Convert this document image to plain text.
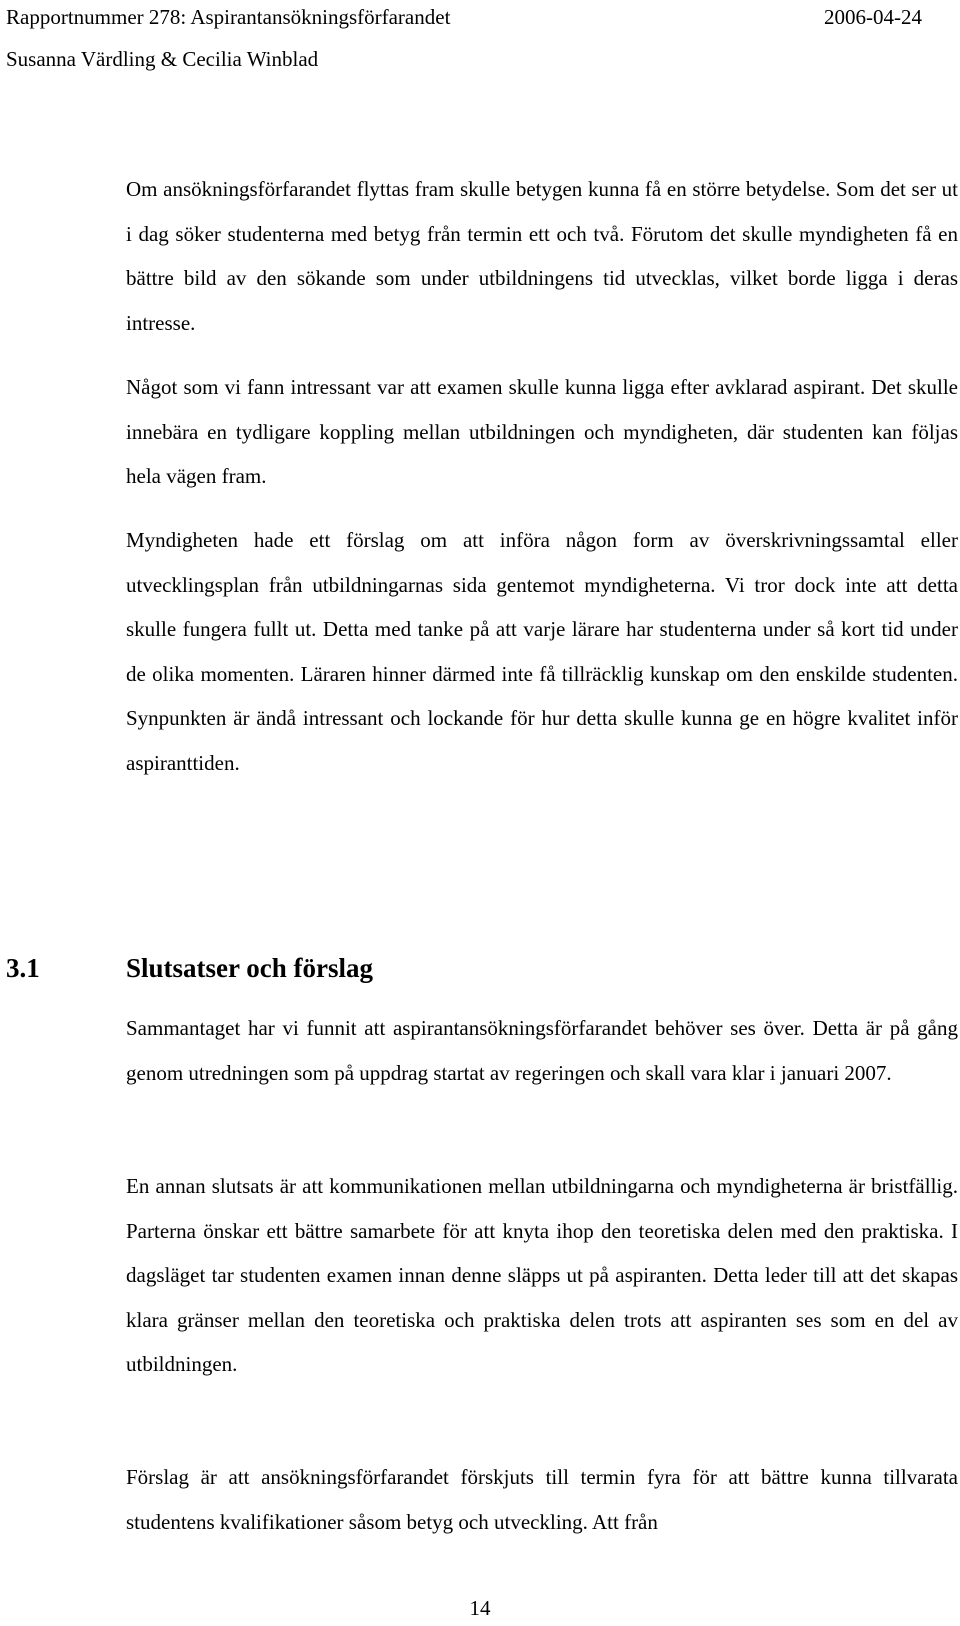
Rapportnummer 278: Aspirantansökningsförfarandet	2006-04-24
Susanna Värdling & Cecilia Winblad

Om ansökningsförfarandet flyttas fram skulle betygen kunna få en större betydelse. Som det ser ut i dag söker studenterna med betyg från termin ett och två. Förutom det skulle myndigheten få en bättre bild av den sökande som under utbildningens tid utvecklas, vilket borde ligga i deras intresse.

Något som vi fann intressant var att examen skulle kunna ligga efter avklarad aspirant. Det skulle innebära en tydligare koppling mellan utbildningen och myndigheten, där studenten kan följas hela vägen fram.

Myndigheten hade ett förslag om att införa någon form av överskrivningssamtal eller utvecklingsplan från utbildningarnas sida gentemot myndigheterna. Vi tror dock inte att detta skulle fungera fullt ut. Detta med tanke på att varje lärare har studenterna under så kort tid under de olika momenten. Läraren hinner därmed inte få tillräcklig kunskap om den enskilde studenten. Synpunkten är ändå intressant och lockande för hur detta skulle kunna ge en högre kvalitet inför aspiranttiden.

3.1	Slutsatser och förslag

Sammantaget har vi funnit att aspirantansökningsförfarandet behöver ses över. Detta är på gång genom utredningen som på uppdrag startat av regeringen och skall vara klar i januari 2007.

En annan slutsats är att kommunikationen mellan utbildningarna och myndigheterna är bristfällig. Parterna önskar ett bättre samarbete för att knyta ihop den teoretiska delen med den praktiska. I dagsläget tar studenten examen innan denne släpps ut på aspiranten. Detta leder till att det skapas klara gränser mellan den teoretiska och praktiska delen trots att aspiranten ses som en del av utbildningen.

Förslag är att ansökningsförfarandet förskjuts till termin fyra för att bättre kunna tillvarata studentens kvalifikationer såsom betyg och utveckling. Att från

14
